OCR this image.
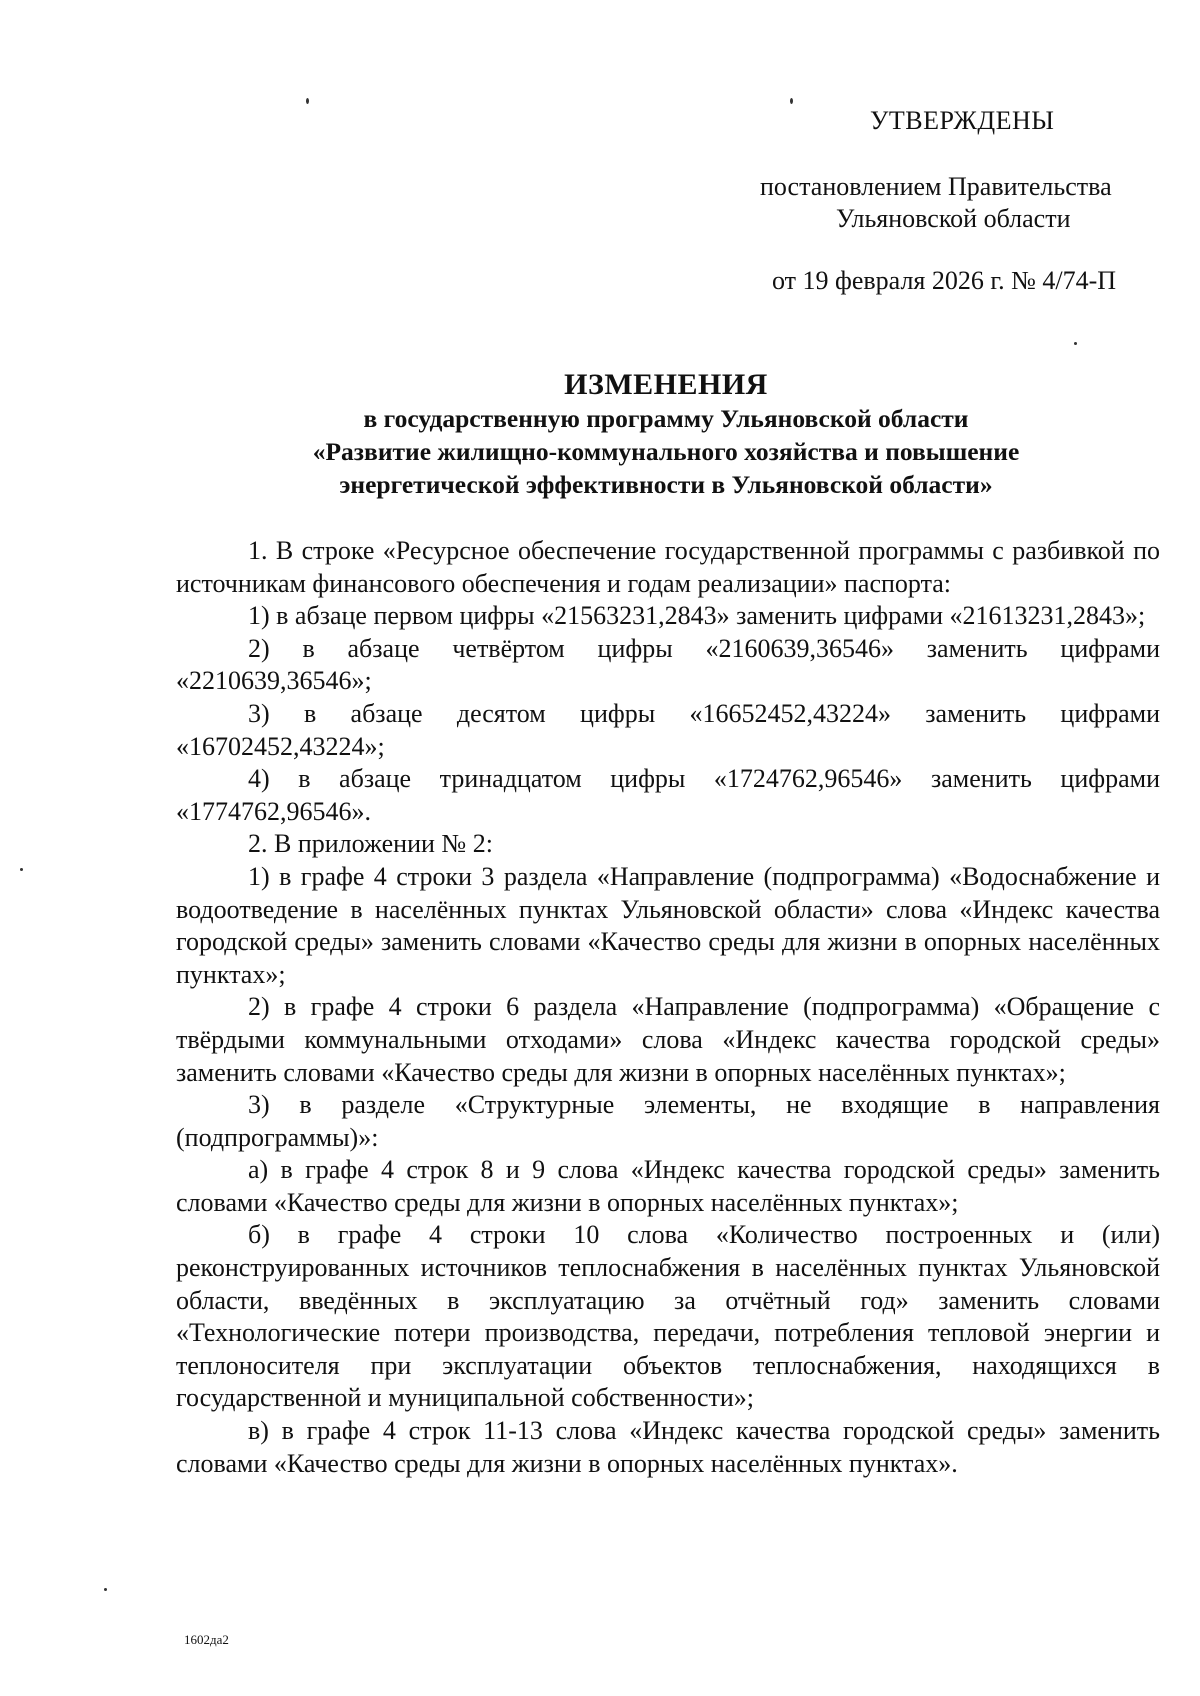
УТВЕРЖДЕНЫ
постановлением Правительства
Ульяновской области
от 19 февраля 2026 г. № 4/74-П
ИЗМЕНЕНИЯ
в государственную программу Ульяновской области
«Развитие жилищно-коммунального хозяйства и повышение
энергетической эффективности в Ульяновской области»

1. В строке «Ресурсное обеспечение государственной программы с разбивкой по источникам финансового обеспечения и годам реализации» паспорта:

1) в абзаце первом цифры «21563231,2843» заменить цифрами «21613231,2843»;

2) в абзаце четвёртом цифры «2160639,36546» заменить цифрами «2210639,36546»;

3) в абзаце десятом цифры «16652452,43224» заменить цифрами «16702452,43224»;

4) в абзаце тринадцатом цифры «1724762,96546» заменить цифрами «1774762,96546».

2. В приложении № 2:

1) в графе 4 строки 3 раздела «Направление (подпрограмма) «Водоснабжение и водоотведение в населённых пунктах Ульяновской области» слова «Индекс качества городской среды» заменить словами «Качество среды для жизни в опорных населённых пунктах»;

2) в графе 4 строки 6 раздела «Направление (подпрограмма) «Обращение с твёрдыми коммунальными отходами» слова «Индекс качества городской среды» заменить словами «Качество среды для жизни в опорных населённых пунктах»;

3) в разделе «Структурные элементы, не входящие в направления (подпрограммы)»:

а) в графе 4 строк 8 и 9 слова «Индекс качества городской среды» заменить словами «Качество среды для жизни в опорных населённых пунктах»;

б) в графе 4 строки 10 слова «Количество построенных и (или) реконструированных источников теплоснабжения в населённых пунктах Ульяновской области, введённых в эксплуатацию за отчётный год» заменить словами «Технологические потери производства, передачи, потребления тепловой энергии и теплоносителя при эксплуатации объектов теплоснабжения, находящихся в государственной и муниципальной собственности»;

в) в графе 4 строк 11-13 слова «Индекс качества городской среды» заменить словами «Качество среды для жизни в опорных населённых пунктах».

1602да2
